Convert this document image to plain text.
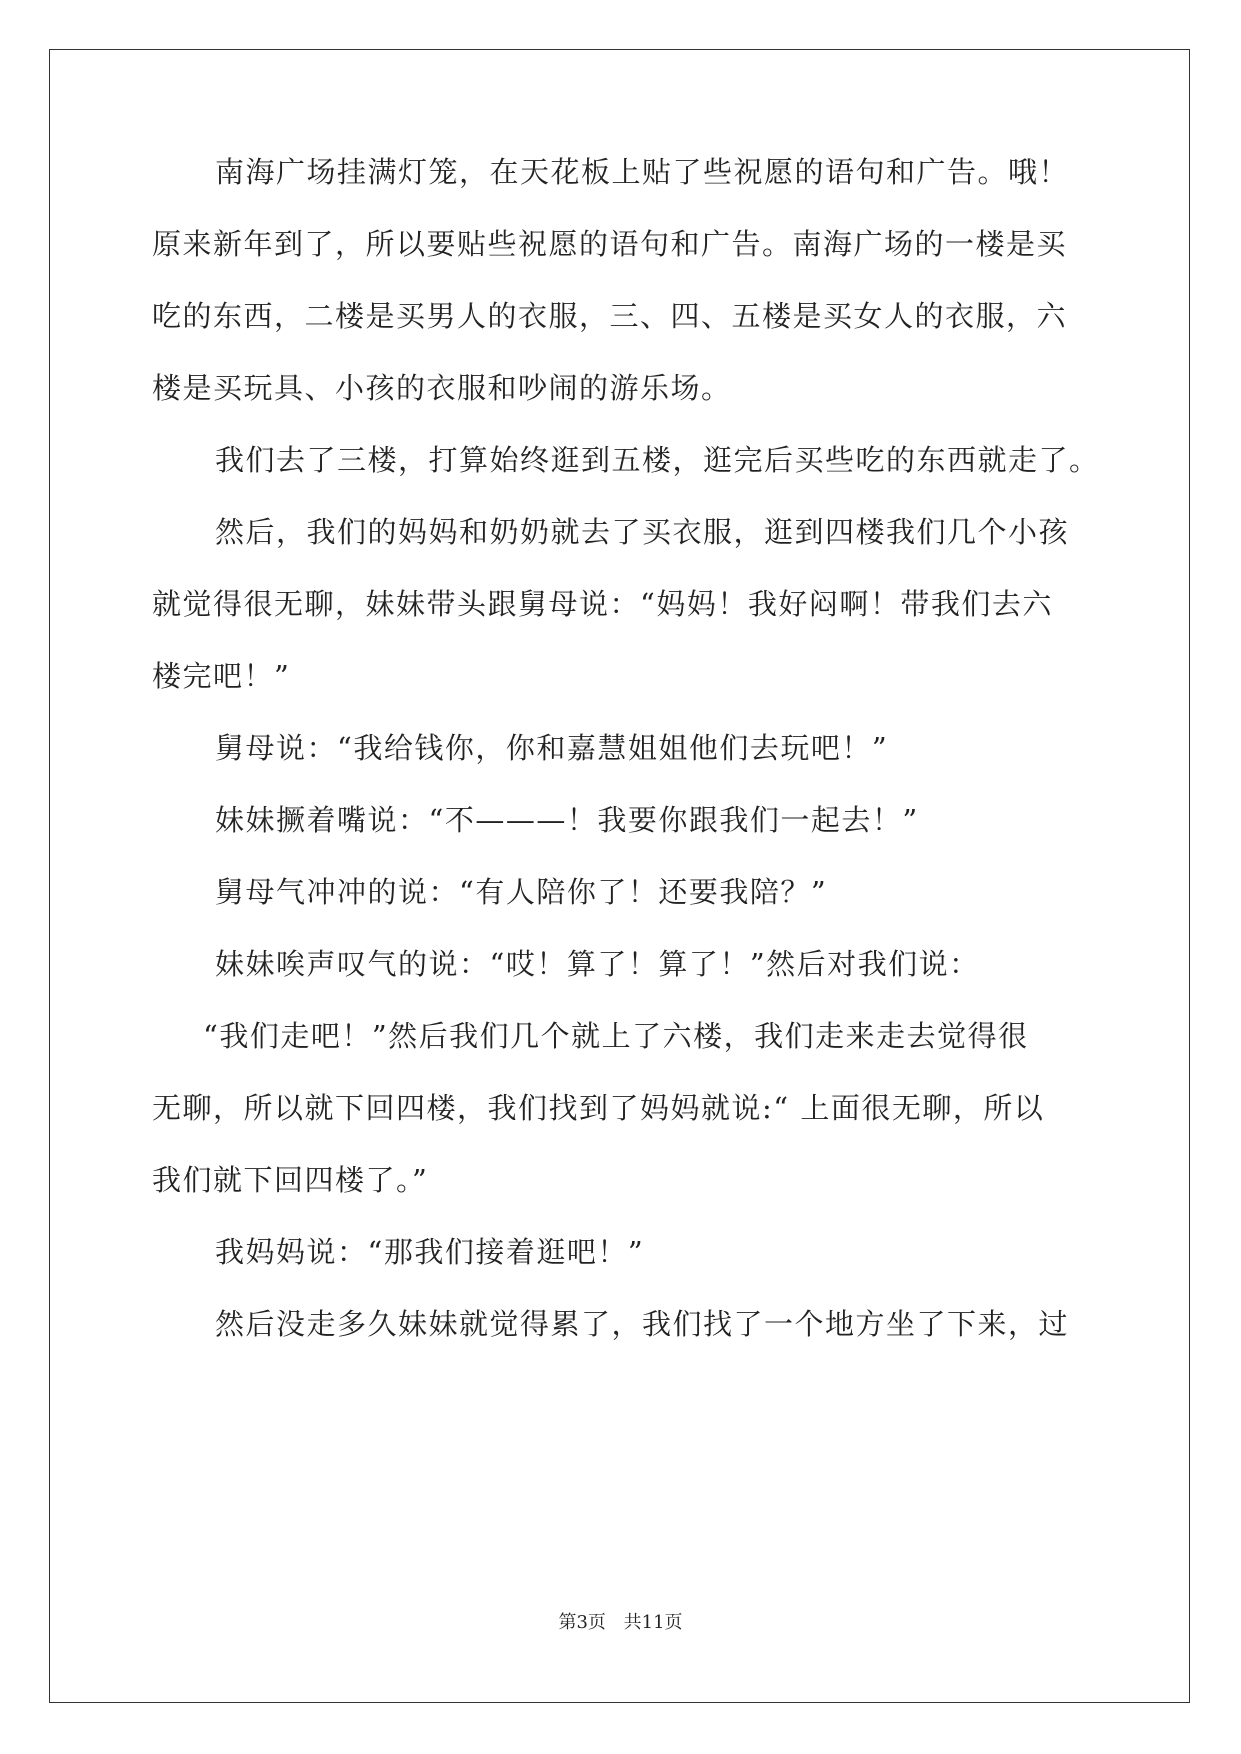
南海广场挂满灯笼，在天花板上贴了些祝愿的语句和广告。哦！
原来新年到了，所以要贴些祝愿的语句和广告。南海广场的一楼是买
吃的东西，二楼是买男人的衣服，三、四、五楼是买女人的衣服，六
楼是买玩具、小孩的衣服和吵闹的游乐场。
我们去了三楼，打算始终逛到五楼，逛完后买些吃的东西就走了。
然后，我们的妈妈和奶奶就去了买衣服，逛到四楼我们几个小孩
就觉得很无聊，妹妹带头跟舅母说：“妈妈！我好闷啊！带我们去六
楼完吧！”
舅母说：“我给钱你，你和嘉慧姐姐他们去玩吧！”
妹妹撅着嘴说：“不———！我要你跟我们一起去！”
舅母气冲冲的说：“有人陪你了！还要我陪？”
妹妹唉声叹气的说：“哎！算了！算了！”然后对我们说：
“我们走吧！”然后我们几个就上了六楼，我们走来走去觉得很
无聊，所以就下回四楼，我们找到了妈妈就说:“ 上面很无聊，所以
我们就下回四楼了。”
我妈妈说：“那我们接着逛吧！”
然后没走多久妹妹就觉得累了，我们找了一个地方坐了下来，过
第3页 共11页
